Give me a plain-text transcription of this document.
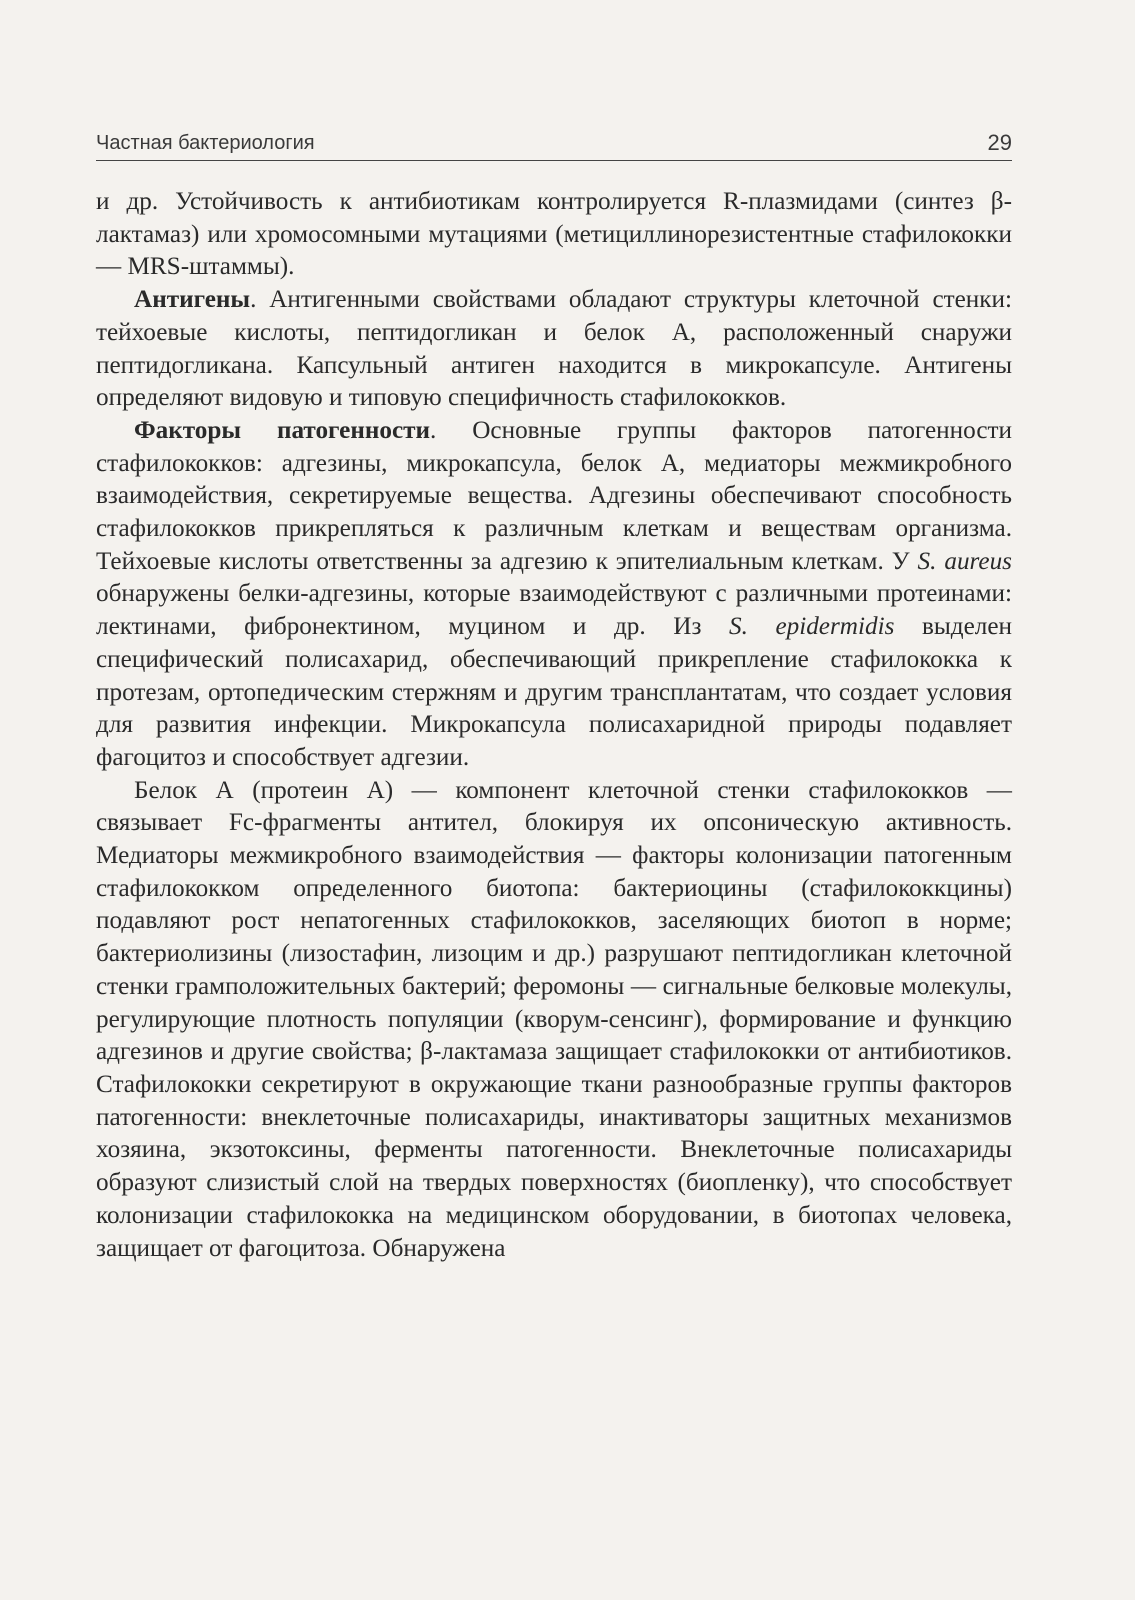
Частная бактериология	29

и др. Устойчивость к антибиотикам контролируется R-плазмидами (синтез β-лактамаз) или хромосомными мутациями (метициллинорезистентные стафилококки — MRS-штаммы).

Антигены. Антигенными свойствами обладают структуры клеточной стенки: тейхоевые кислоты, пептидогликан и белок А, расположенный снаружи пептидогликана. Капсульный антиген находится в микрокапсуле. Антигены определяют видовую и типовую специфичность стафилококков.

Факторы патогенности. Основные группы факторов патогенности стафилококков: адгезины, микрокапсула, белок А, медиаторы межмикробного взаимодействия, секретируемые вещества. Адгезины обеспечивают способность стафилококков прикрепляться к различным клеткам и веществам организма. Тейхоевые кислоты ответственны за адгезию к эпителиальным клеткам. У S. aureus обнаружены белки-адгезины, которые взаимодействуют с различными протеинами: лектинами, фибронектином, муцином и др. Из S. epidermidis выделен специфический полисахарид, обеспечивающий прикрепление стафилококка к протезам, ортопедическим стержням и другим трансплантатам, что создает условия для развития инфекции. Микрокапсула полисахаридной природы подавляет фагоцитоз и способствует адгезии.

Белок А (протеин А) — компонент клеточной стенки стафилококков — связывает Fc-фрагменты антител, блокируя их опсоническую активность. Медиаторы межмикробного взаимодействия — факторы колонизации патогенным стафилококком определенного биотопа: бактериоцины (стафилококкцины) подавляют рост непатогенных стафилококков, заселяющих биотоп в норме; бактериолизины (лизостафин, лизоцим и др.) разрушают пептидогликан клеточной стенки грамположительных бактерий; феромоны — сигнальные белковые молекулы, регулирующие плотность популяции (кворум-сенсинг), формирование и функцию адгезинов и другие свойства; β-лактамаза защищает стафилококки от антибиотиков. Стафилококки секретируют в окружающие ткани разнообразные группы факторов патогенности: внеклеточные полисахариды, инактиваторы защитных механизмов хозяина, экзотоксины, ферменты патогенности. Внеклеточные полисахариды образуют слизистый слой на твердых поверхностях (биопленку), что способствует колонизации стафилококка на медицинском оборудовании, в биотопах человека, защищает от фагоцитоза. Обнаружена
